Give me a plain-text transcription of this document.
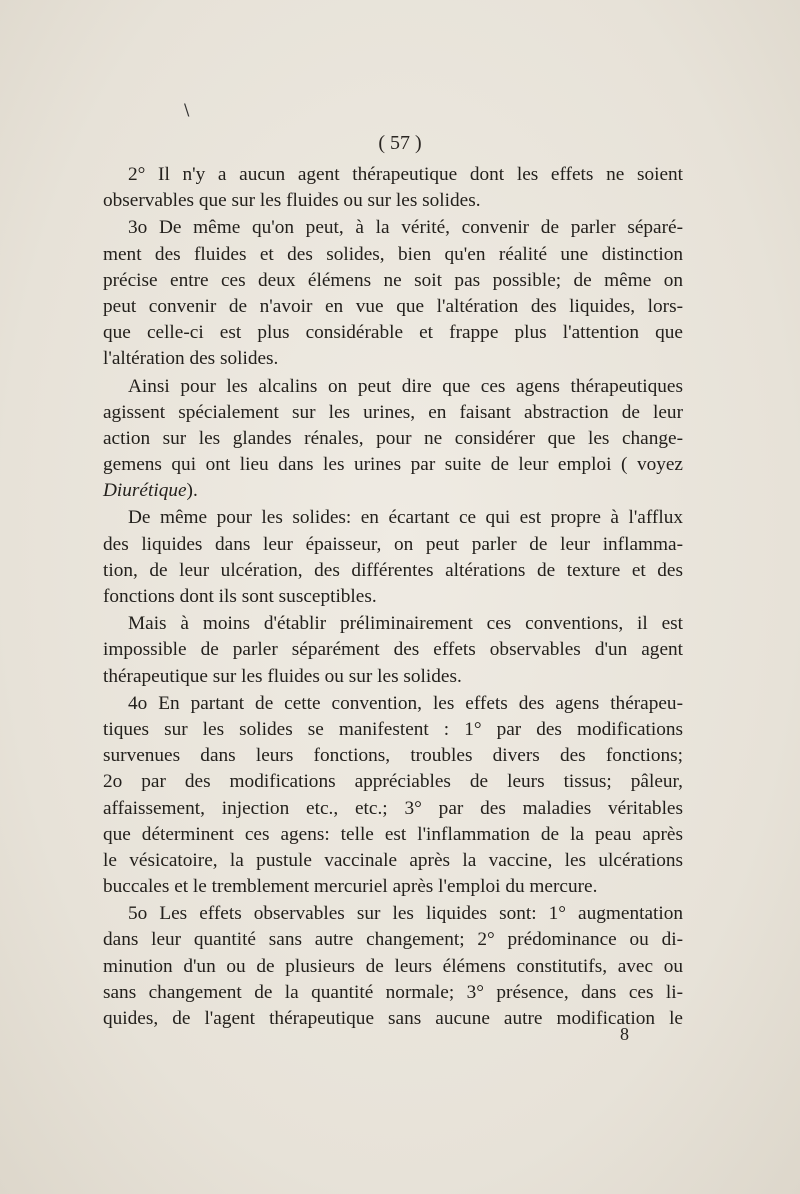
\
( 57 )
2° Il n'y a aucun agent thérapeutique dont les effets ne soient
observables que sur les fluides ou sur les solides.
3o De même qu'on peut, à la vérité, convenir de parler séparé-
ment des fluides et des solides, bien qu'en réalité une distinction
précise entre ces deux élémens ne soit pas possible; de même on
peut convenir de n'avoir en vue que l'altération des liquides, lors-
que celle-ci est plus considérable et frappe plus l'attention que
l'altération des solides.
Ainsi pour les alcalins on peut dire que ces agens thérapeutiques
agissent spécialement sur les urines, en faisant abstraction de leur
action sur les glandes rénales, pour ne considérer que les change-
gemens qui ont lieu dans les urines par suite de leur emploi ( voyez
Diurétique).
De même pour les solides: en écartant ce qui est propre à l'afflux
des liquides dans leur épaisseur, on peut parler de leur inflamma-
tion, de leur ulcération, des différentes altérations de texture et des
fonctions dont ils sont susceptibles.
Mais à moins d'établir préliminairement ces conventions, il est
impossible de parler séparément des effets observables d'un agent
thérapeutique sur les fluides ou sur les solides.
4o En partant de cette convention, les effets des agens thérapeu-
tiques sur les solides se manifestent : 1° par des modifications
survenues dans leurs fonctions, troubles divers des fonctions;
2o par des modifications appréciables de leurs tissus; pâleur,
affaissement, injection etc., etc.; 3° par des maladies véritables
que déterminent ces agens: telle est l'inflammation de la peau après
le vésicatoire, la pustule vaccinale après la vaccine, les ulcérations
buccales et le tremblement mercuriel après l'emploi du mercure.
5o Les effets observables sur les liquides sont: 1° augmentation
dans leur quantité sans autre changement; 2° prédominance ou di-
minution d'un ou de plusieurs de leurs élémens constitutifs, avec ou
sans changement de la quantité normale; 3° présence, dans ces li-
quides, de l'agent thérapeutique sans aucune autre modification le
8
